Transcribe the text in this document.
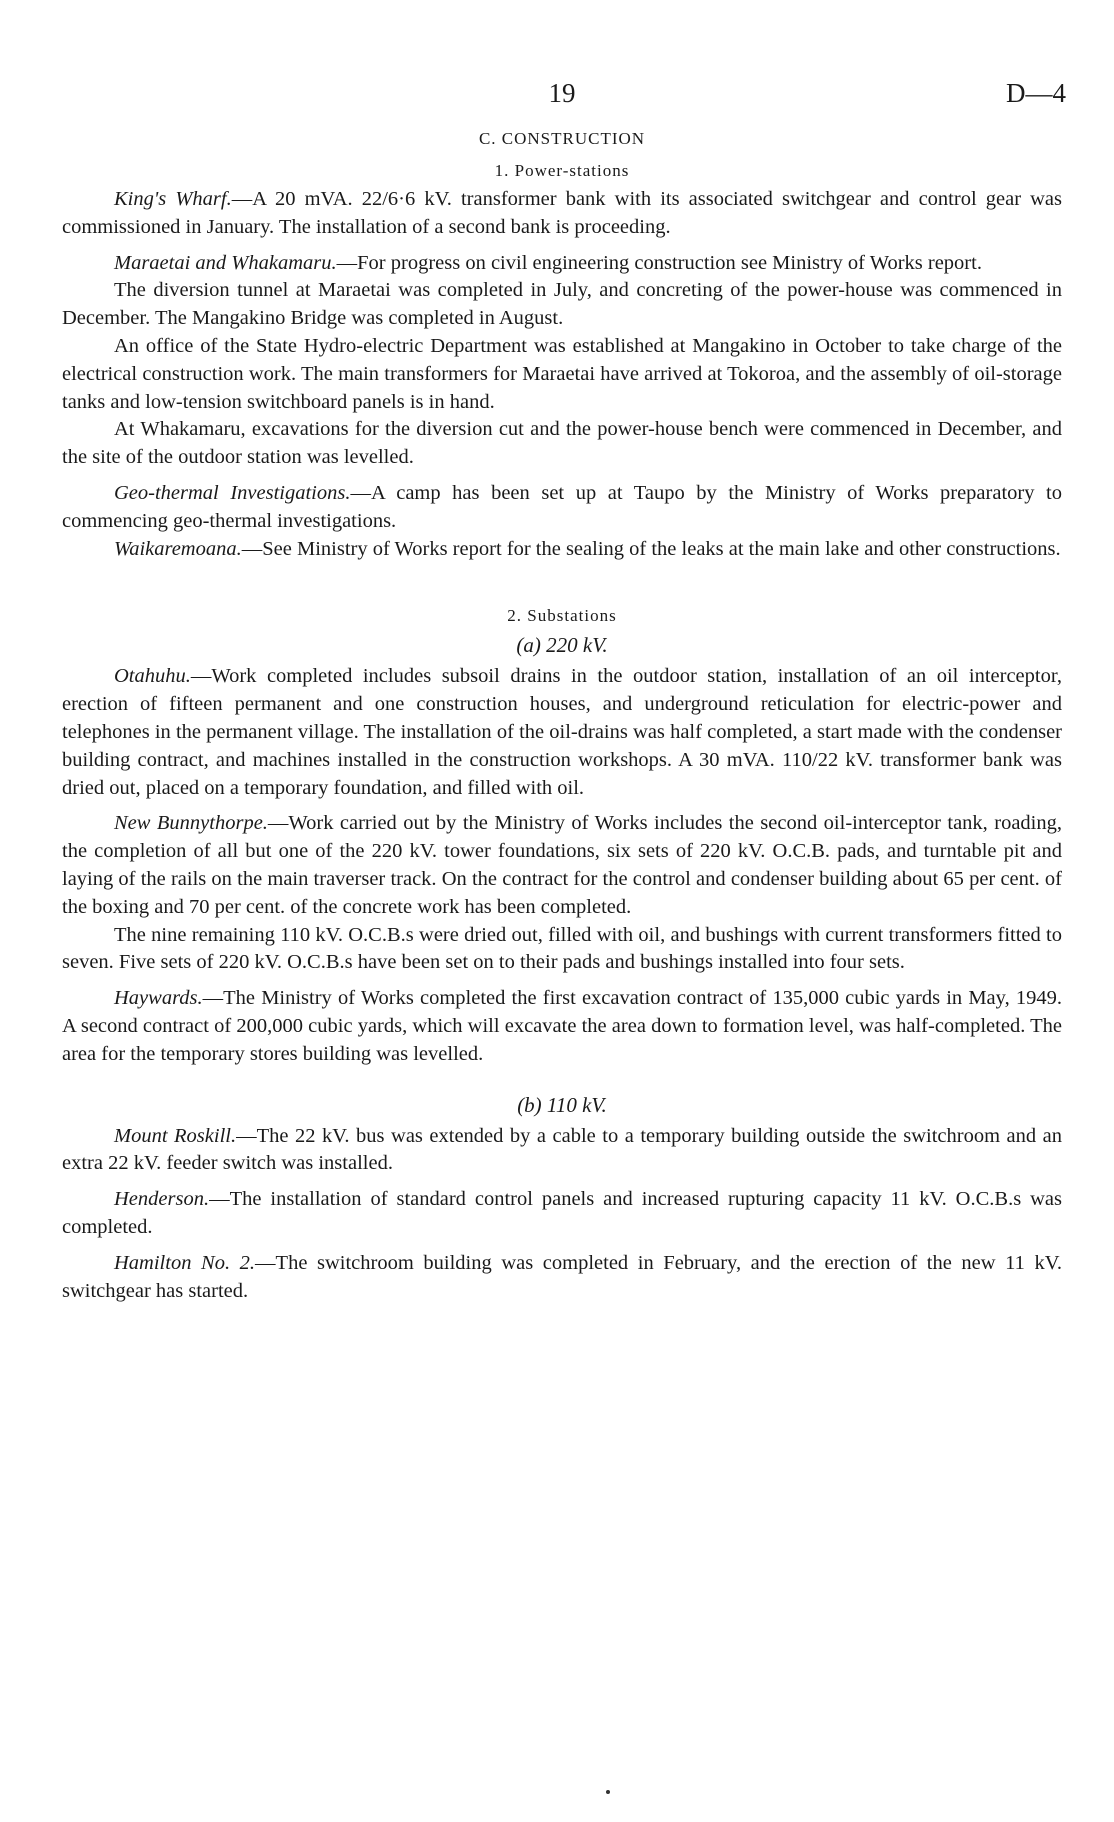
19	D—4
C. CONSTRUCTION
1. Power-stations

King's Wharf.—A 20 mVA. 22/6·6 kV. transformer bank with its associated switchgear and control gear was commissioned in January. The installation of a second bank is proceeding.

Maraetai and Whakamaru.—For progress on civil engineering construction see Ministry of Works report.

The diversion tunnel at Maraetai was completed in July, and concreting of the power-house was commenced in December. The Mangakino Bridge was completed in August.

An office of the State Hydro-electric Department was established at Mangakino in October to take charge of the electrical construction work. The main transformers for Maraetai have arrived at Tokoroa, and the assembly of oil-storage tanks and low-tension switchboard panels is in hand.

At Whakamaru, excavations for the diversion cut and the power-house bench were commenced in December, and the site of the outdoor station was levelled.

Geo-thermal Investigations.—A camp has been set up at Taupo by the Ministry of Works preparatory to commencing geo-thermal investigations.

Waikaremoana.—See Ministry of Works report for the sealing of the leaks at the main lake and other constructions.

2. Substations
(a) 220 kV.

Otahuhu.—Work completed includes subsoil drains in the outdoor station, installation of an oil interceptor, erection of fifteen permanent and one construction houses, and underground reticulation for electric-power and telephones in the permanent village. The installation of the oil-drains was half completed, a start made with the condenser building contract, and machines installed in the construction workshops. A 30 mVA. 110/22 kV. transformer bank was dried out, placed on a temporary foundation, and filled with oil.

New Bunnythorpe.—Work carried out by the Ministry of Works includes the second oil-interceptor tank, roading, the completion of all but one of the 220 kV. tower foundations, six sets of 220 kV. O.C.B. pads, and turntable pit and laying of the rails on the main traverser track. On the contract for the control and condenser building about 65 per cent. of the boxing and 70 per cent. of the concrete work has been completed.

The nine remaining 110 kV. O.C.B.s were dried out, filled with oil, and bushings with current transformers fitted to seven. Five sets of 220 kV. O.C.B.s have been set on to their pads and bushings installed into four sets.

Haywards.—The Ministry of Works completed the first excavation contract of 135,000 cubic yards in May, 1949. A second contract of 200,000 cubic yards, which will excavate the area down to formation level, was half-completed. The area for the temporary stores building was levelled.

(b) 110 kV.

Mount Roskill.—The 22 kV. bus was extended by a cable to a temporary building outside the switchroom and an extra 22 kV. feeder switch was installed.

Henderson.—The installation of standard control panels and increased rupturing capacity 11 kV. O.C.B.s was completed.

Hamilton No. 2.—The switchroom building was completed in February, and the erection of the new 11 kV. switchgear has started.
